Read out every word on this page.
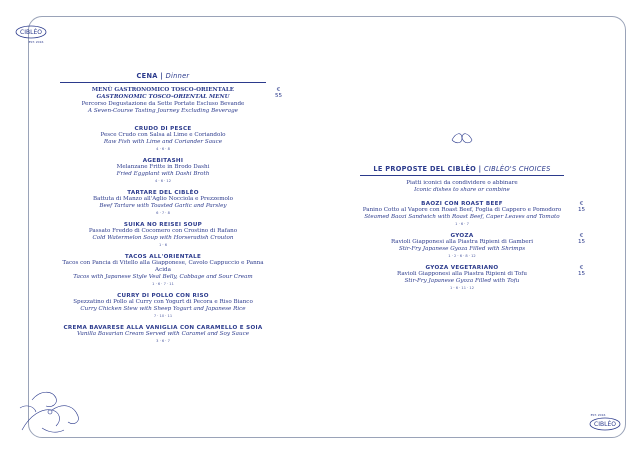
CIBLÉO
EST. 2016
EST. 2016
CIBLÉO
CENA | Dinner
MENÙ GASTRONOMICO TOSCO-ORIENTALE
GASTRONOMIC TOSCO-ORIENTAL MENU
Percorso Degustazione da Sette Portate Escluso Bevande
A Seven-Course Tasting Journey Excluding Beverage
€ 55
CRUDO DI PESCE
Pesce Crudo con Salsa al Lime e Coriandolo
Raw Fish with Lime and Coriander Sauce
4 · 6 · 8
AGEBITASHI
Melanzane Fritte in Brodo Dashi
Fried Eggplant with Dashi Broth
4 · 6 · 12
TARTARE DEL CIBLÈO
Battuta di Manzo all'Aglio Nocciola e Prezzemolo
Beef Tartare with Toasted Garlic and Parsley
6 · 7 · 8
SUIKA NO REISEI SOUP
Passato Freddo di Cocomero con Crostino di Rafano
Cold Watermelon Soup with Horseradish Crouton
1 · 6
TACOS ALL'ORIENTALE
Tacos con Pancia di Vitello alla Giapponese, Cavolo Cappuccio e Panna Acida
Tacos with Japanese Style Veal Belly, Cabbage and Sour Cream
1 · 6 · 7 · 11
CURRY DI POLLO CON RISO
Spezzatino di Pollo al Curry con Yogurt di Pecora e Riso Bianco
Curry Chicken Stew with Sheep Yogurt and Japanese Rice
7 · 10 · 11
CREMA BAVARESE ALLA VANIGLIA CON CARAMELLO E SOIA
Vanilla Bavarian Cream Served with Caramel and Soy Sauce
3 · 6 · 7
LE PROPOSTE DEL CIBLÈO | CIBLÈO'S CHOICES
Piatti iconici da condividere o abbinare
Iconic dishes to share or combine
BAOZI CON ROAST BEEF
Panino Cotto al Vapore con Roast Beef, Foglia di Cappero e Pomodoro
Steamed Baozi Sandwich with Roast Beef, Caper Leaves and Tomato
1 · 6 · 7
€ 15
GYOZA
Ravioli Giapponesi alla Piastra Ripieni di Gamberi
Stir-Fry Japanese Gyoza Filled with Shrimps
1 · 2 · 6 · 8 · 12
€ 15
GYOZA VEGETARIANO
Ravioli Giapponesi alla Piastra Ripieni di Tofu
Stir-Fry Japanese Gyoza Filled with Tofu
1 · 6 · 11 · 12
€ 15
